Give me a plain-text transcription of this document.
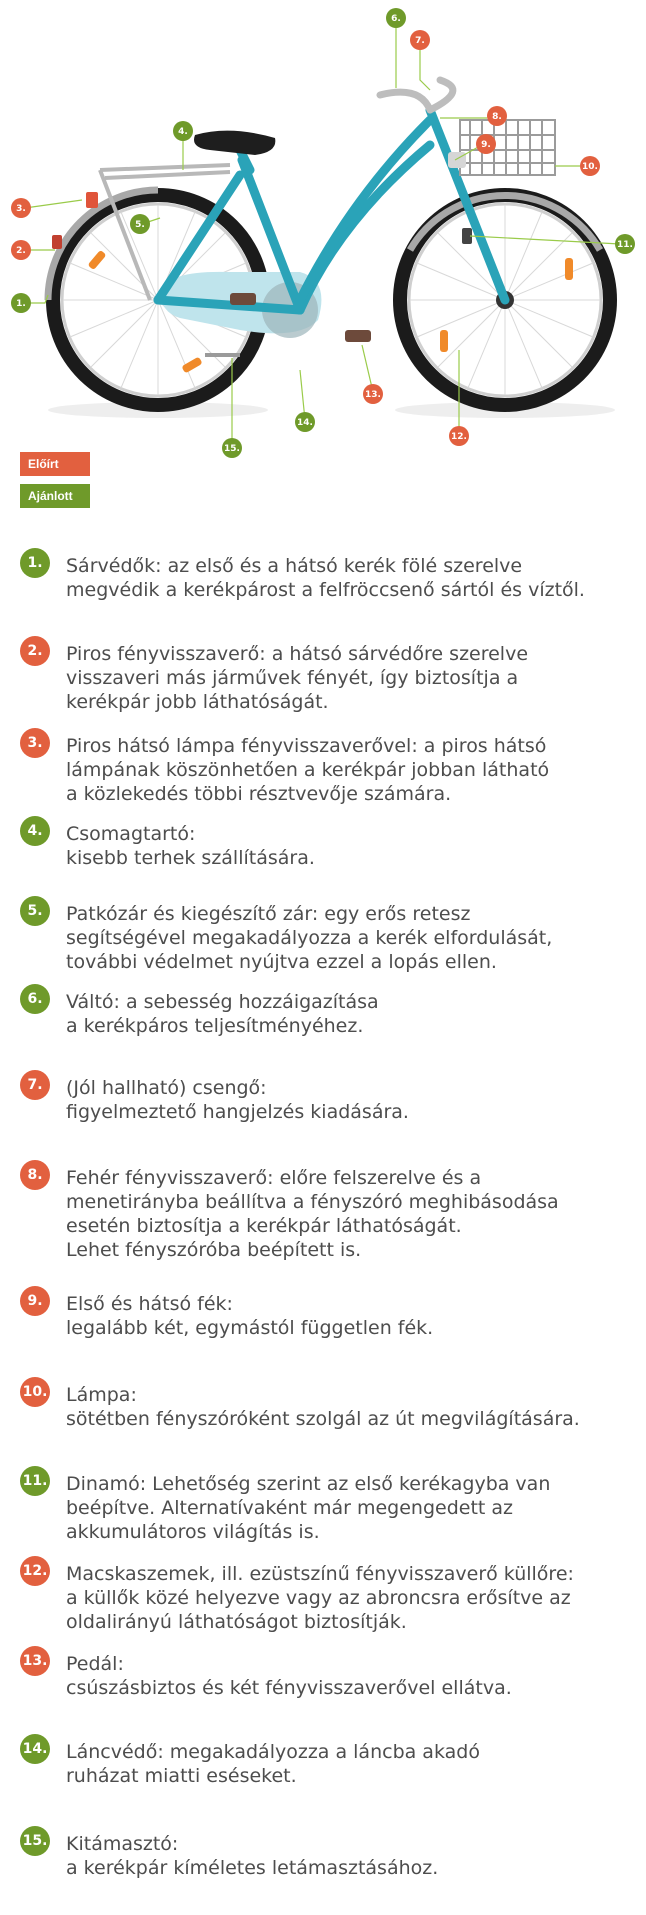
1.
2.
3.
4.
5.
6.
7.
8.
9.
10.
11.
12.
13.
14.
15.
Előírt
Ajánlott
1.	Sárvédők: az első és a hátsó kerék fölé szerelve
megvédik a kerékpárost a felfröccsenő sártól és víztől.
2.	Piros fényvisszaverő: a hátsó sárvédőre szerelve
visszaveri más járművek fényét, így biztosítja a
kerékpár jobb láthatóságát.
3.	Piros hátsó lámpa fényvisszaverővel: a piros hátsó
lámpának köszönhetően a kerékpár jobban látható
a közlekedés többi résztvevője számára.
4.	Csomagtartó:
kisebb terhek szállítására.
5.	Patkózár és kiegészítő zár: egy erős retesz
segítségével megakadályozza a kerék elfordulását,
további védelmet nyújtva ezzel a lopás ellen.
6.	Váltó: a sebesség hozzáigazítása
a kerékpáros teljesítményéhez.
7.	(Jól hallható) csengő:
figyelmeztető hangjelzés kiadására.
8.	Fehér fényvisszaverő: előre felszerelve és a
menetirányba beállítva a fényszóró meghibásodása
esetén biztosítja a kerékpár láthatóságát.
Lehet fényszóróba beépített is.
9.	Első és hátsó fék:
legalább két, egymástól független fék.
10. Lámpa:
sötétben fényszóróként szolgál az út megvilágítására.
11. Dinamó: Lehetőség szerint az első kerékagyba van
beépítve. Alternatívaként már megengedett az
akkumulátoros világítás is.
12. Macskaszemek, ill. ezüstszínű fényvisszaverő küllőre:
a küllők közé helyezve vagy az abroncsra erősítve az
oldalirányú láthatóságot biztosítják.
13. Pedál:
csúszásbiztos és két fényvisszaverővel ellátva.
14. Láncvédő: megakadályozza a láncba akadó
ruházat miatti eséseket.
15. Kitámasztó:
a kerékpár kíméletes letámasztásához.
